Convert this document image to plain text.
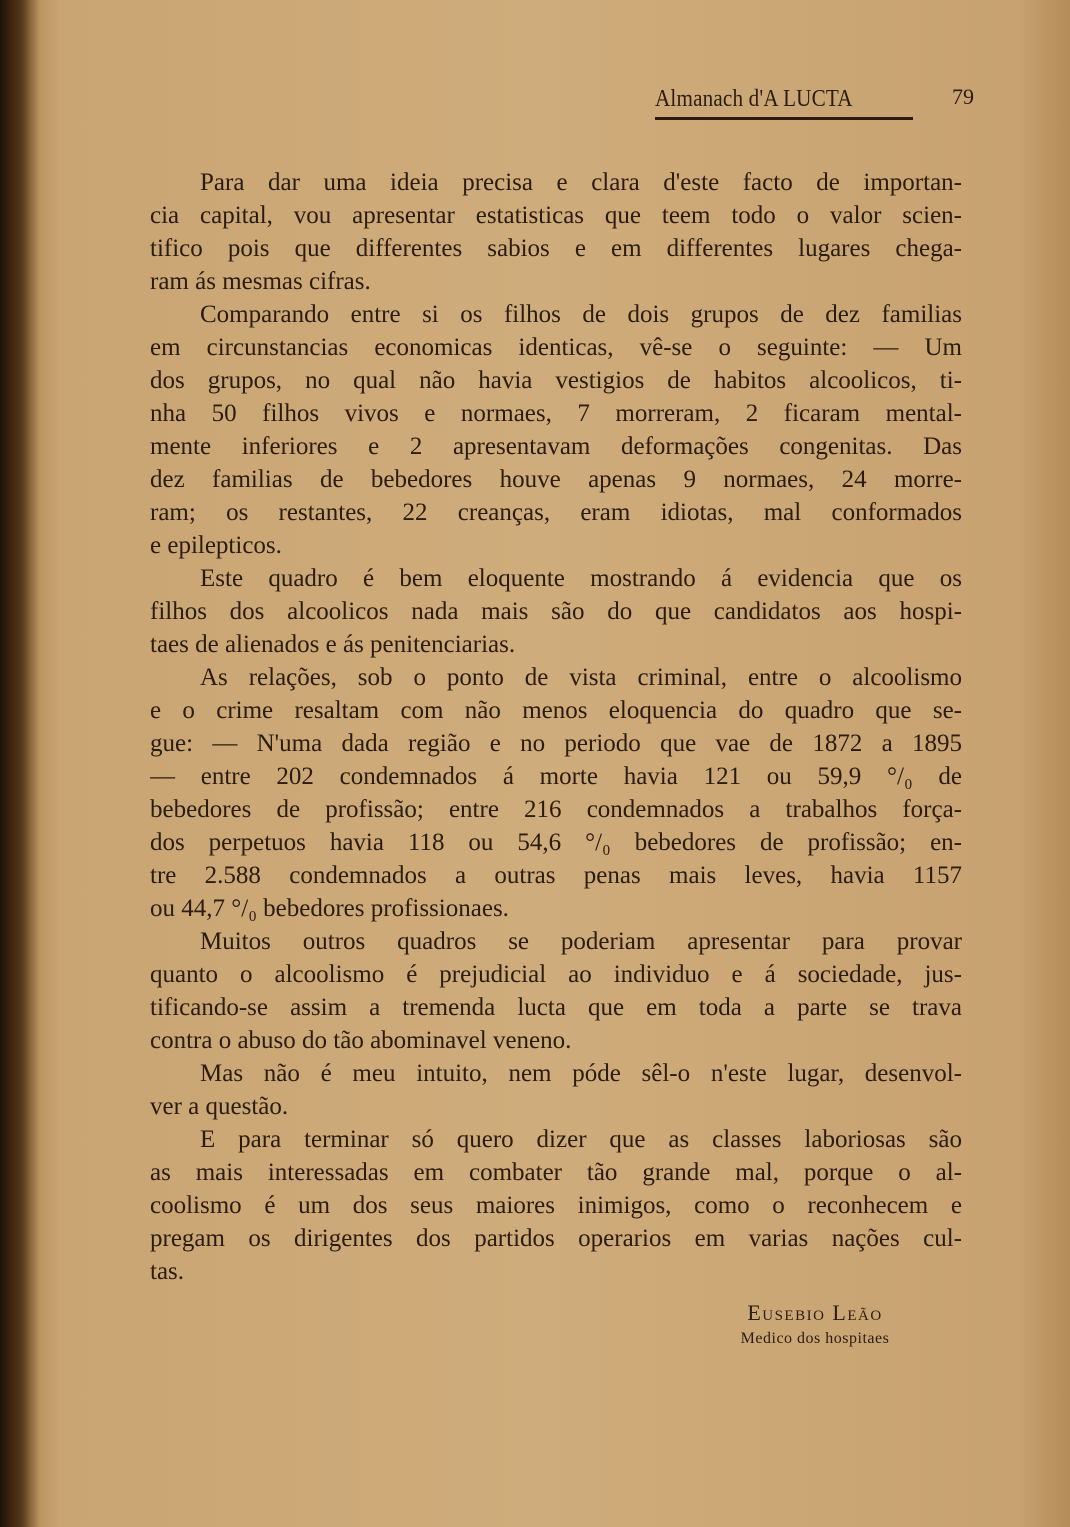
Almanach d'A LUCTA	79
Para dar uma ideia precisa e clara d'este facto de importan-
cia capital, vou apresentar estatisticas que teem todo o valor scien-
tifico pois que differentes sabios e em differentes lugares chega-
ram ás mesmas cifras.
Comparando entre si os filhos de dois grupos de dez familias
em circunstancias economicas identicas, vê-se o seguinte: — Um
dos grupos, no qual não havia vestigios de habitos alcoolicos, ti-
nha 50 filhos vivos e normaes, 7 morreram, 2 ficaram mental-
mente inferiores e 2 apresentavam deformações congenitas. Das
dez familias de bebedores houve apenas 9 normaes, 24 morre-
ram; os restantes, 22 creanças, eram idiotas, mal conformados
e epilepticos.
Este quadro é bem eloquente mostrando á evidencia que os
filhos dos alcoolicos nada mais são do que candidatos aos hospi-
taes de alienados e ás penitenciarias.
As relações, sob o ponto de vista criminal, entre o alcoolismo
e o crime resaltam com não menos eloquencia do quadro que se-
gue: — N'uma dada região e no periodo que vae de 1872 a 1895
— entre 202 condemnados á morte havia 121 ou 59,9 °/₀ de
bebedores de profissão; entre 216 condemnados a trabalhos força-
dos perpetuos havia 118 ou 54,6 °/₀ bebedores de profissão; en-
tre 2.588 condemnados a outras penas mais leves, havia 1157
ou 44,7 °/₀ bebedores profissionaes.
Muitos outros quadros se poderiam apresentar para provar
quanto o alcoolismo é prejudicial ao individuo e á sociedade, jus-
tificando-se assim a tremenda lucta que em toda a parte se trava
contra o abuso do tão abominavel veneno.
Mas não é meu intuito, nem póde sêl-o n'este lugar, desenvol-
ver a questão.
E para terminar só quero dizer que as classes laboriosas são
as mais interessadas em combater tão grande mal, porque o al-
coolismo é um dos seus maiores inimigos, como o reconhecem e
pregam os dirigentes dos partidos operarios em varias nações cul-
tas.
Eusebio Leão
Medico dos hospitaes
